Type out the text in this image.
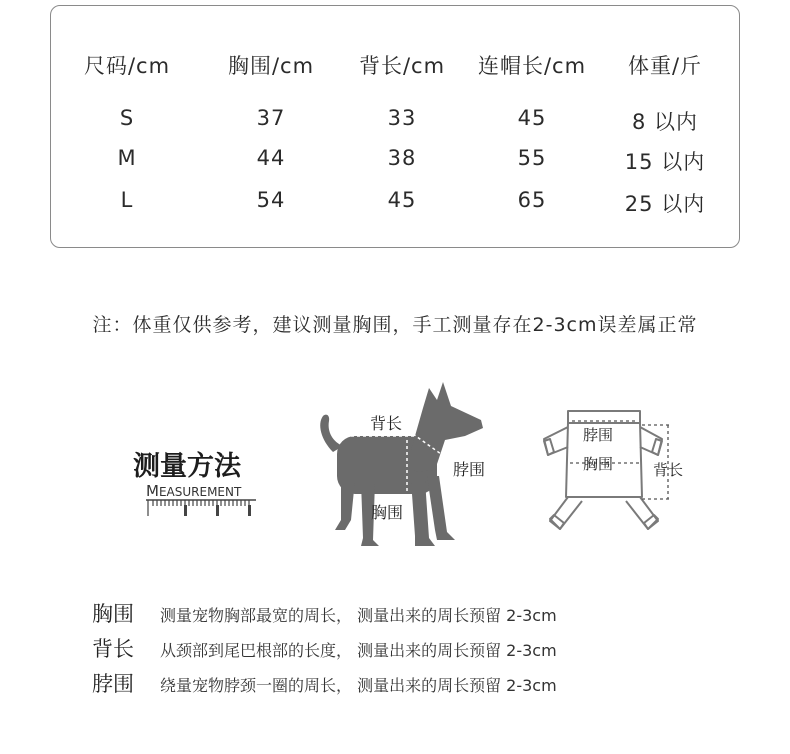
尺码/cm	胸围/cm	背长/cm	连帽长/cm	体重/斤
S	37	33	45	8 以内
M	44	38	55	15 以内
L	54	45	65	25 以内
注：体重仅供参考，建议测量胸围，手工测量存在2-3cm误差属正常
测量方法
MEASUREMENT
背长
脖围
胸围
脖围
胸围	背长
胸围 测量宠物胸部最宽的周长， 测量出来的周长预留 2-3cm
背长 从颈部到尾巴根部的长度， 测量出来的周长预留 2-3cm
脖围 绕量宠物脖颈一圈的周长， 测量出来的周长预留 2-3cm
